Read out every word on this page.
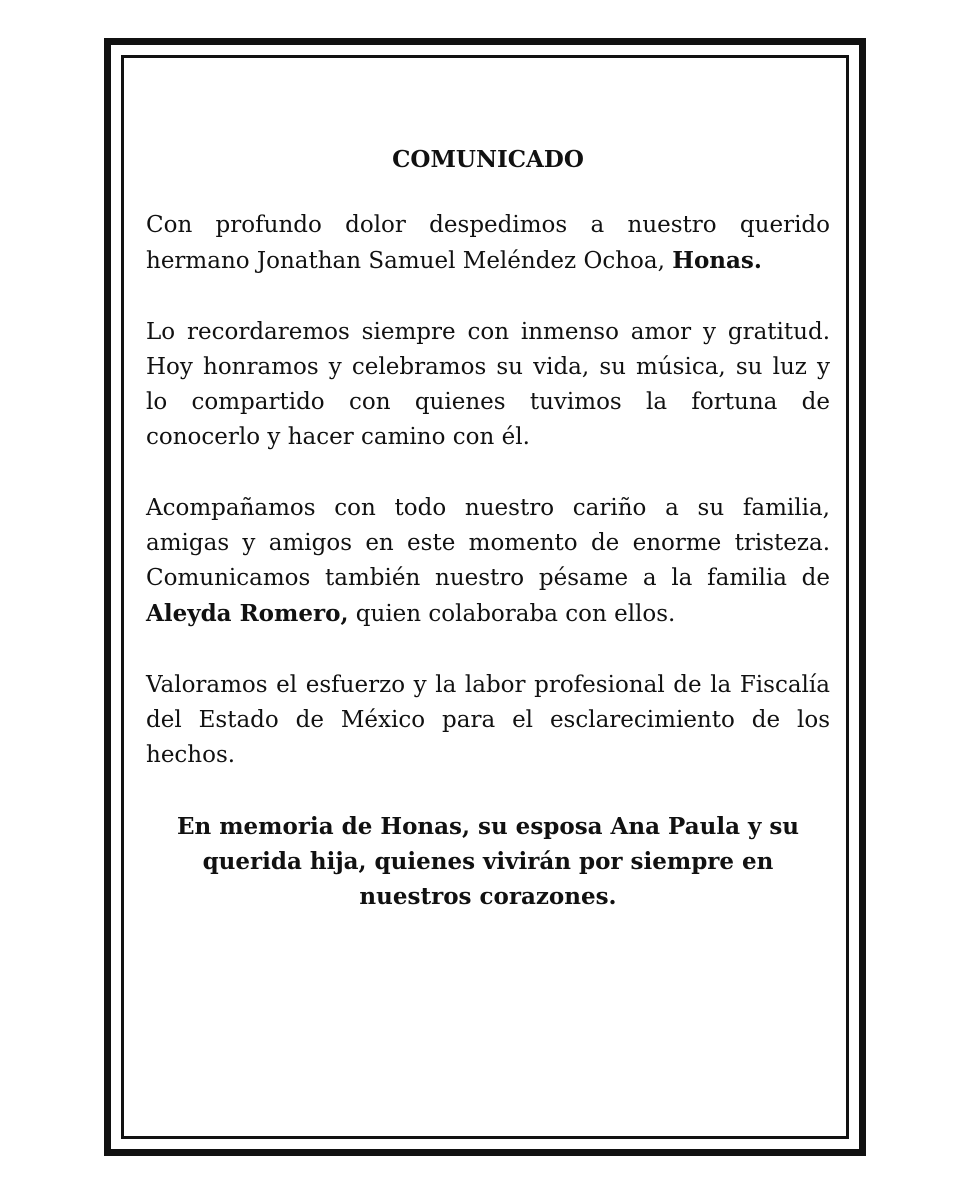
COMUNICADO

Con profundo dolor despedimos a nuestro querido hermano Jonathan Samuel Meléndez Ochoa, Honas.

Lo recordaremos siempre con inmenso amor y gratitud. Hoy honramos y celebramos su vida, su música, su luz y lo compartido con quienes tuvimos la fortuna de conocerlo y hacer camino con él.

Acompañamos con todo nuestro cariño a su familia, amigas y amigos en este momento de enorme tristeza. Comunicamos también nuestro pésame a la familia de Aleyda Romero, quien colaboraba con ellos.

Valoramos el esfuerzo y la labor profesional de la Fiscalía del Estado de México para el esclarecimiento de los hechos.

En memoria de Honas, su esposa Ana Paula y su querida hija, quienes vivirán por siempre en nuestros corazones.
